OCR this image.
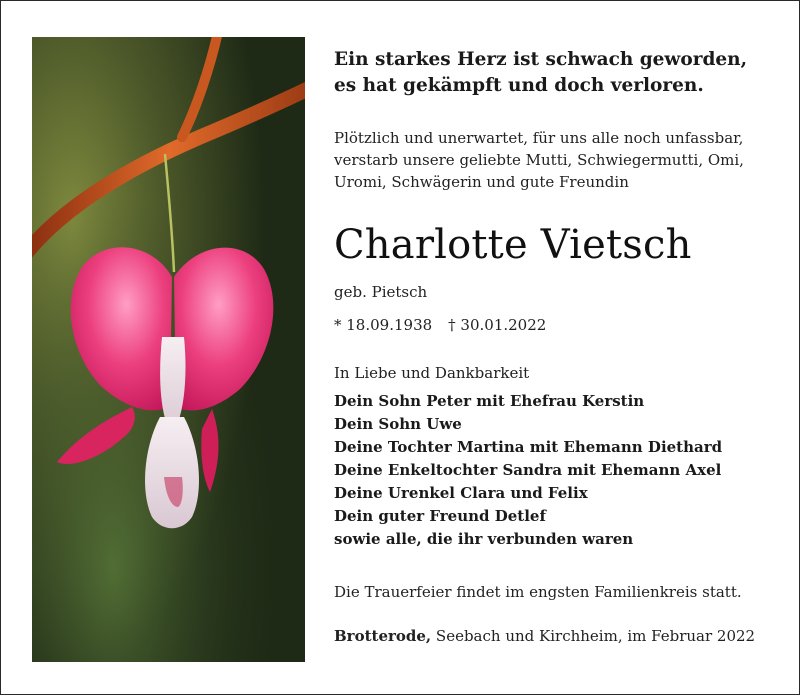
Ein starkes Herz ist schwach geworden,
es hat gekämpft und doch verloren.

Plötzlich und unerwartet, für uns alle noch unfassbar,
verstarb unsere geliebte Mutti, Schwiegermutti, Omi,
Uromi, Schwägerin und gute Freundin

Charlotte Vietsch
geb. Pietsch
* 18.09.1938 † 30.01.2022
In Liebe und Dankbarkeit
Dein Sohn Peter mit Ehefrau Kerstin
Dein Sohn Uwe
Deine Tochter Martina mit Ehemann Diethard
Deine Enkeltochter Sandra mit Ehemann Axel
Deine Urenkel Clara und Felix
Dein guter Freund Detlef
sowie alle, die ihr verbunden waren
Die Trauerfeier findet im engsten Familienkreis statt.
Brotterode, Seebach und Kirchheim, im Februar 2022
